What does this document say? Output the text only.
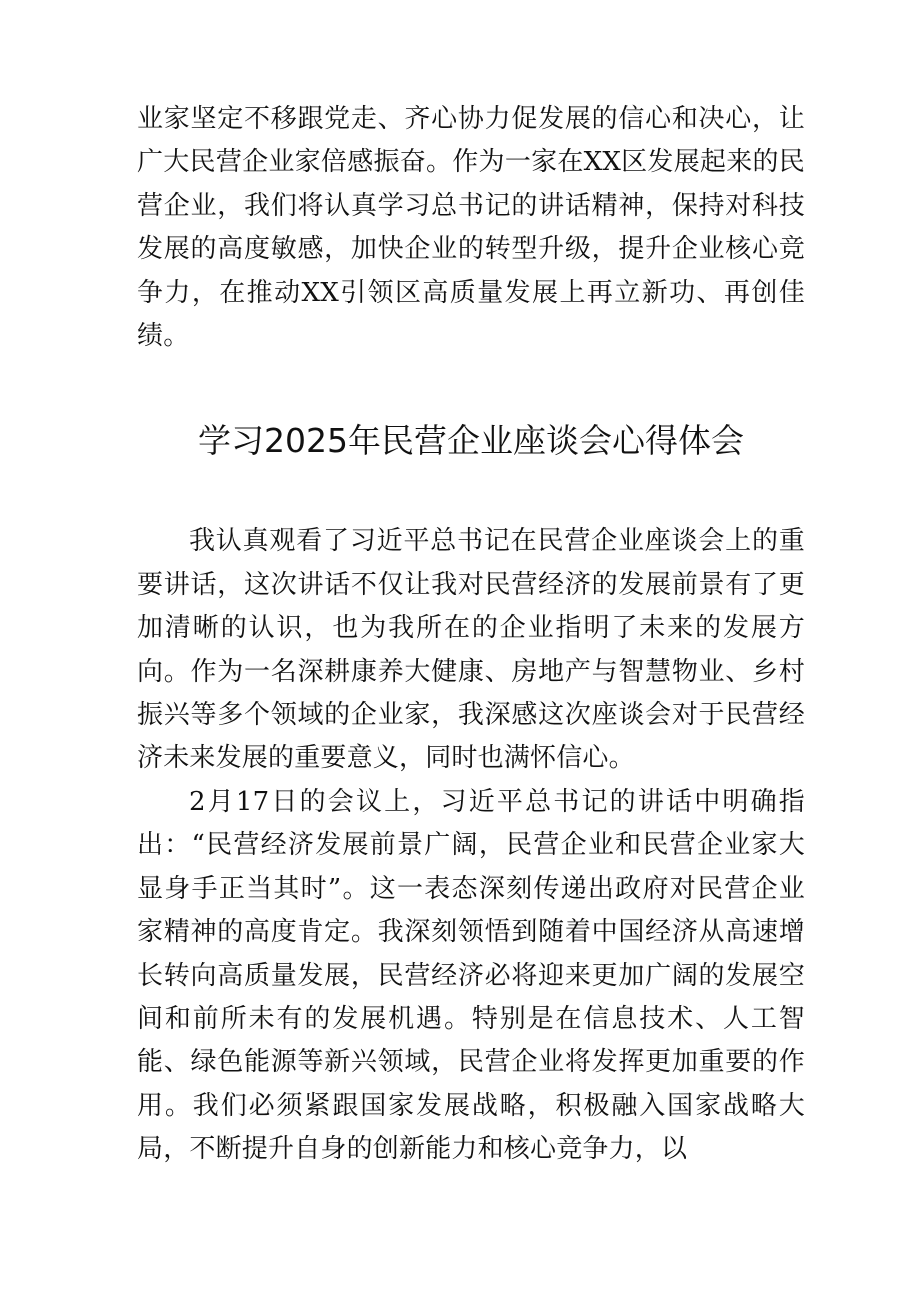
业家坚定不移跟党走、齐心协力促发展的信心和决心，让广大民营企业家倍感振奋。作为一家在XX区发展起来的民营企业，我们将认真学习总书记的讲话精神，保持对科技发展的高度敏感，加快企业的转型升级，提升企业核心竞争力，在推动XX引领区高质量发展上再立新功、再创佳绩。

学习2025年民营企业座谈会心得体会

我认真观看了习近平总书记在民营企业座谈会上的重要讲话，这次讲话不仅让我对民营经济的发展前景有了更加清晰的认识，也为我所在的企业指明了未来的发展方向。作为一名深耕康养大健康、房地产与智慧物业、乡村振兴等多个领域的企业家，我深感这次座谈会对于民营经济未来发展的重要意义，同时也满怀信心。

2月17日的会议上，习近平总书记的讲话中明确指出：“民营经济发展前景广阔，民营企业和民营企业家大显身手正当其时”。这一表态深刻传递出政府对民营企业家精神的高度肯定。我深刻领悟到随着中国经济从高速增长转向高质量发展，民营经济必将迎来更加广阔的发展空间和前所未有的发展机遇。特别是在信息技术、人工智能、绿色能源等新兴领域，民营企业将发挥更加重要的作用。我们必须紧跟国家发展战略，积极融入国家战略大局，不断提升自身的创新能力和核心竞争力，以
